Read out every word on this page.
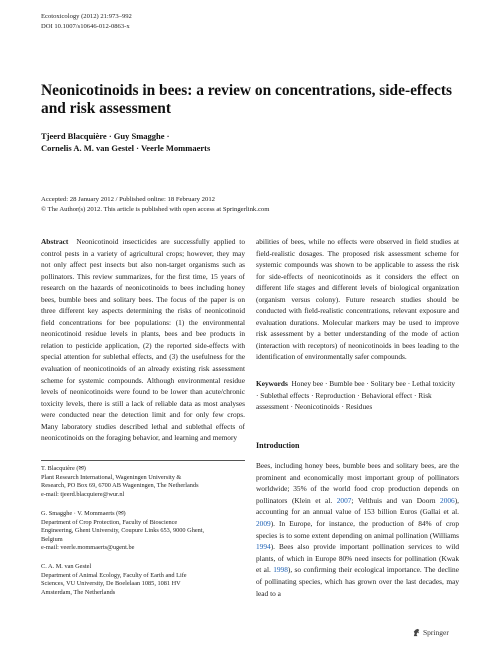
Ecotoxicology (2012) 21:973–992
DOI 10.1007/s10646-012-0863-x
Neonicotinoids in bees: a review on concentrations, side-effects and risk assessment
Tjeerd Blacquière · Guy Smagghe ·
Cornelis A. M. van Gestel · Veerle Mommaerts
Accepted: 28 January 2012 / Published online: 18 February 2012
© The Author(s) 2012. This article is published with open access at Springerlink.com
Abstract Neonicotinoid insecticides are successfully applied to control pests in a variety of agricultural crops; however, they may not only affect pest insects but also non-target organisms such as pollinators. This review summarizes, for the first time, 15 years of research on the hazards of neonicotinoids to bees including honey bees, bumble bees and solitary bees. The focus of the paper is on three different key aspects determining the risks of neonicotinoid field concentrations for bee populations: (1) the environmental neonicotinoid residue levels in plants, bees and bee products in relation to pesticide application, (2) the reported side-effects with special attention for sublethal effects, and (3) the usefulness for the evaluation of neonicotinoids of an already existing risk assessment scheme for systemic compounds. Although environmental residue levels of neonicotinoids were found to be lower than acute/chronic toxicity levels, there is still a lack of reliable data as most analyses were conducted near the detection limit and for only few crops. Many laboratory studies described lethal and sublethal effects of neonicotinoids on the foraging behavior, and learning and memory
abilities of bees, while no effects were observed in field studies at field-realistic dosages. The proposed risk assessment scheme for systemic compounds was shown to be applicable to assess the risk for side-effects of neonicotinoids as it considers the effect on different life stages and different levels of biological organization (organism versus colony). Future research studies should be conducted with field-realistic concentrations, relevant exposure and evaluation durations. Molecular markers may be used to improve risk assessment by a better understanding of the mode of action (interaction with receptors) of neonicotinoids in bees leading to the identification of environmentally safer compounds.
Keywords Honey bee · Bumble bee · Solitary bee · Lethal toxicity · Sublethal effects · Reproduction · Behavioral effect · Risk assessment · Neonicotinoids · Residues
Introduction
Bees, including honey bees, bumble bees and solitary bees, are the prominent and economically most important group of pollinators worldwide; 35% of the world food crop production depends on pollinators (Klein et al. 2007; Velthuis and van Doorn 2006), accounting for an annual value of 153 billion Euros (Gallai et al. 2009). In Europe, for instance, the production of 84% of crop species is to some extent depending on animal pollination (Williams 1994). Bees also provide important pollination services to wild plants, of which in Europe 80% need insects for pollination (Kwak et al. 1998), so confirming their ecological importance. The decline of pollinating species, which has grown over the last decades, may lead to a
T. Blacquière (✉)
Plant Research International, Wageningen University &
Research, PO Box 69, 6700 AB Wageningen, The Netherlands
e-mail: tjeerd.blacquiere@wur.nl
G. Smagghe · V. Mommaerts (✉)
Department of Crop Protection, Faculty of Bioscience
Engineering, Ghent University, Coupure Links 653, 9000 Ghent,
Belgium
e-mail: veerle.mommaerts@ugent.be
C. A. M. van Gestel
Department of Animal Ecology, Faculty of Earth and Life
Sciences, VU University, De Boelelaan 1085, 1081 HV
Amsterdam, The Netherlands
Springer
